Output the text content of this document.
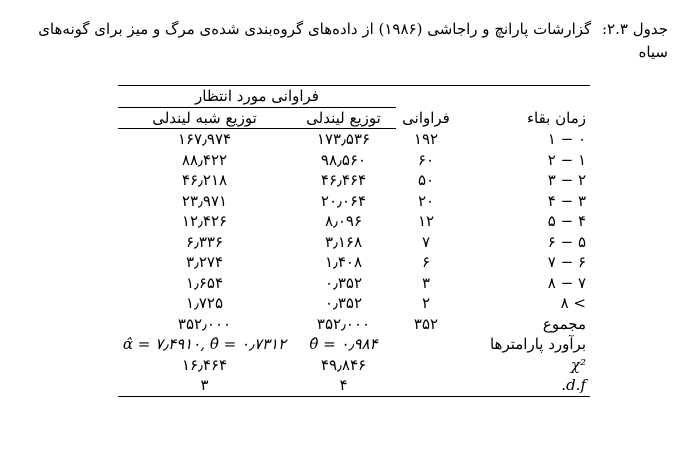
جدول ۲.۳: گزارشات پارانچ و راجاشی (۱۹۸۶) از داده‌های گروه‌بندی شده‌ی مرگ و میز برای گونه‌های سیاه
		فراوانی مورد انتظار	
زمان بقاء	فراوانی	توزیع لیندلی	توزیع شبه لیندلی
۰ − ۱	۱۹۲	۱۷۳٫۵۳۶	۱۶۷٫۹۷۴
۱ − ۲	۶۰	۹۸٫۵۶۰	۸۸٫۴۲۲
۲ − ۳	۵۰	۴۶٫۴۶۴	۴۶٫۲۱۸
۳ − ۴	۲۰	۲۰٫۰۶۴	۲۳٫۹۷۱
۴ − ۵	۱۲	۸٫۰۹۶	۱۲٫۴۲۶
۵ − ۶	۷	۳٫۱۶۸	۶٫۳۳۶
۶ − ۷	۶	۱٫۴۰۸	۳٫۲۷۴
۷ − ۸	۳	۰٫۳۵۲	۱٫۶۵۴
> ۸	۲	۰٫۳۵۲	۱٫۷۲۵
مجموع	۳۵۲	۳۵۲٫۰۰۰	۳۵۲٫۰۰۰
برآورد پارامترها		θ̂ = ۰٫۹۸۴	α̂ = ۷٫۴۹۱۰, θ̂ = ۰٫۷۳۱۲
χ²		۴۹٫۸۴۶	۱۶٫۴۶۴
d.f.		۴	۳
